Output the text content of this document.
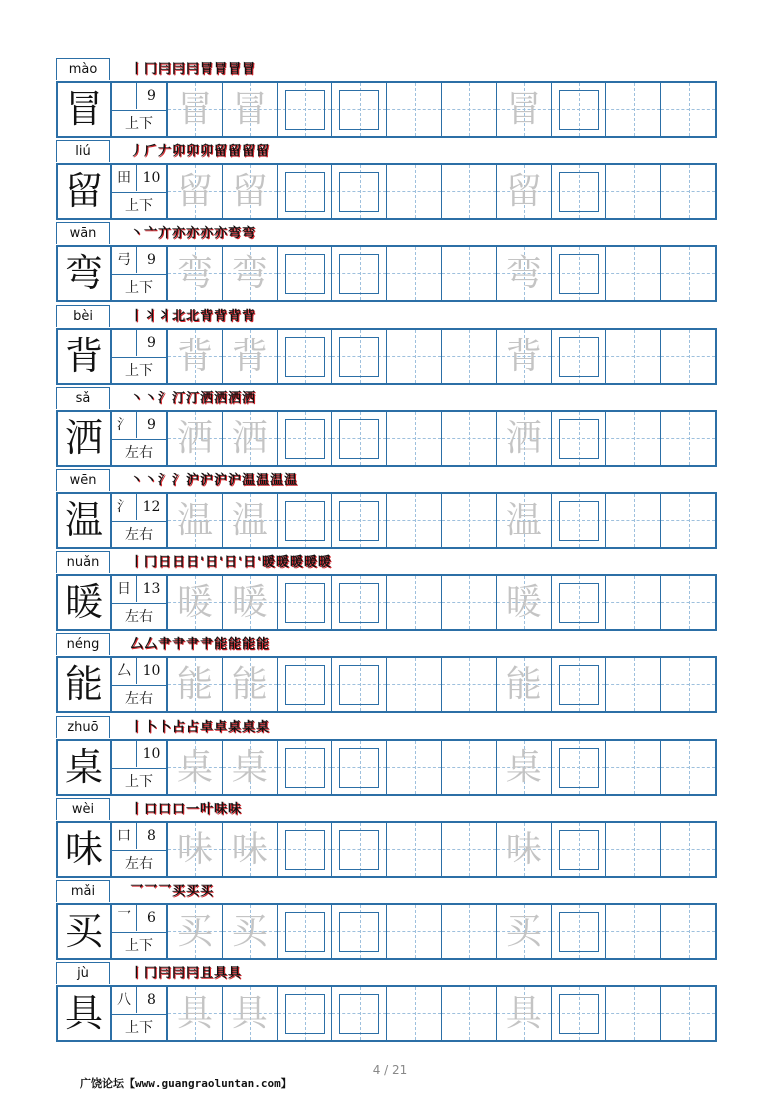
mào	丨冂冃冃冃冐冐冒冒
冒	9
上下 冒 冒	冒
liú	丿𠂆𠂇卯卯卯留留留留
留	田 10
上下 留 留	留
wān	丶亠亣亦亦亦亦弯弯
弯	弓	9
上下 弯 弯	弯
bèi	丨丬丬北北背背背背
背	9
上下 背 背	背
sǎ	丶丶氵汀汀洒洒洒洒
洒	氵	9
左右 洒 洒	洒
wēn	丶丶氵氵沪沪沪沪温温温温
温	氵 12
左右 温 温	温
nuǎn	丨冂日日日'日'日'日'暖暖暖暖暖
暖	日 13
左右 暖 暖	暖
néng	厶厶肀肀肀肀能能能能
能	厶 10
左右 能 能	能
zhuō	丨卜卜占占卓卓桌桌桌
桌	10
上下 桌 桌	桌
wèi	丨口口口一叶味味
味	口	8
左右 味 味	味
mǎi	乛乛乛买买买
买	乛	6
上下 买 买	买
jù	丨冂冃冃冃且具具
具	八	8
上下 具 具	具
广饶论坛【www.guangraoluntan.com】
4 / 21
